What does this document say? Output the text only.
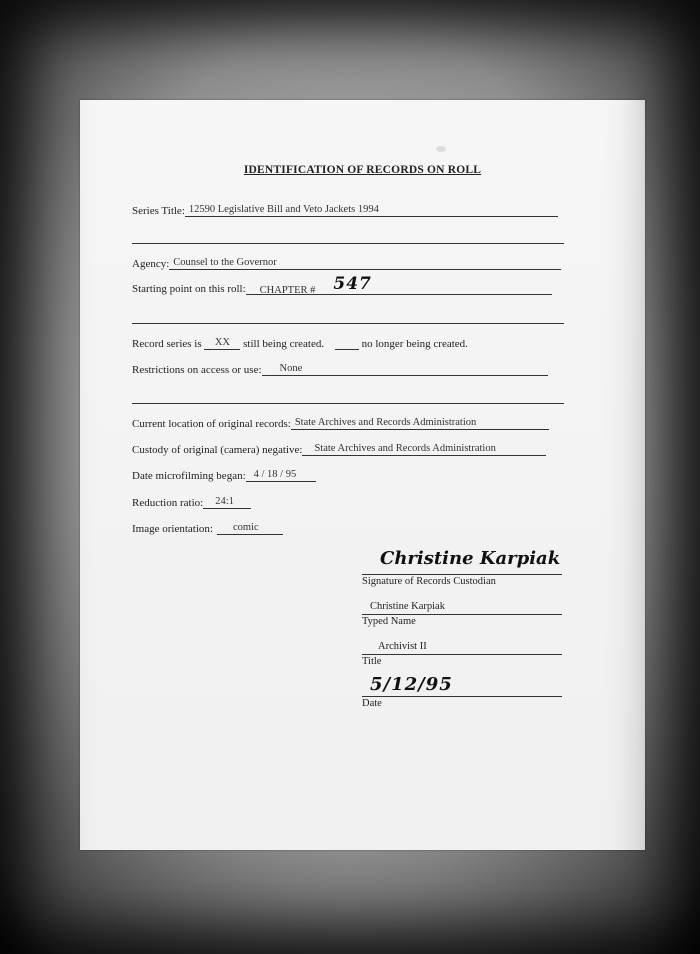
IDENTIFICATION OF RECORDS ON ROLL
Series Title: 12590 Legislative Bill and Veto Jackets 1994
Agency: Counsel to the Governor
Starting point on this roll: CHAPTER # 547
Record series is XX still being created.	no longer being created.
Restrictions on access or use: None
Current location of original records: State Archives and Records Administration
Custody of original (camera) negative: State Archives and Records Administration
Date microfilming began: 4 / 18 / 95
Reduction ratio: 24:1
Image orientation: comic
Christine Karpiak
Signature of Records Custodian
Christine Karpiak
Typed Name
Archivist II
Title
5/12/95
Date
